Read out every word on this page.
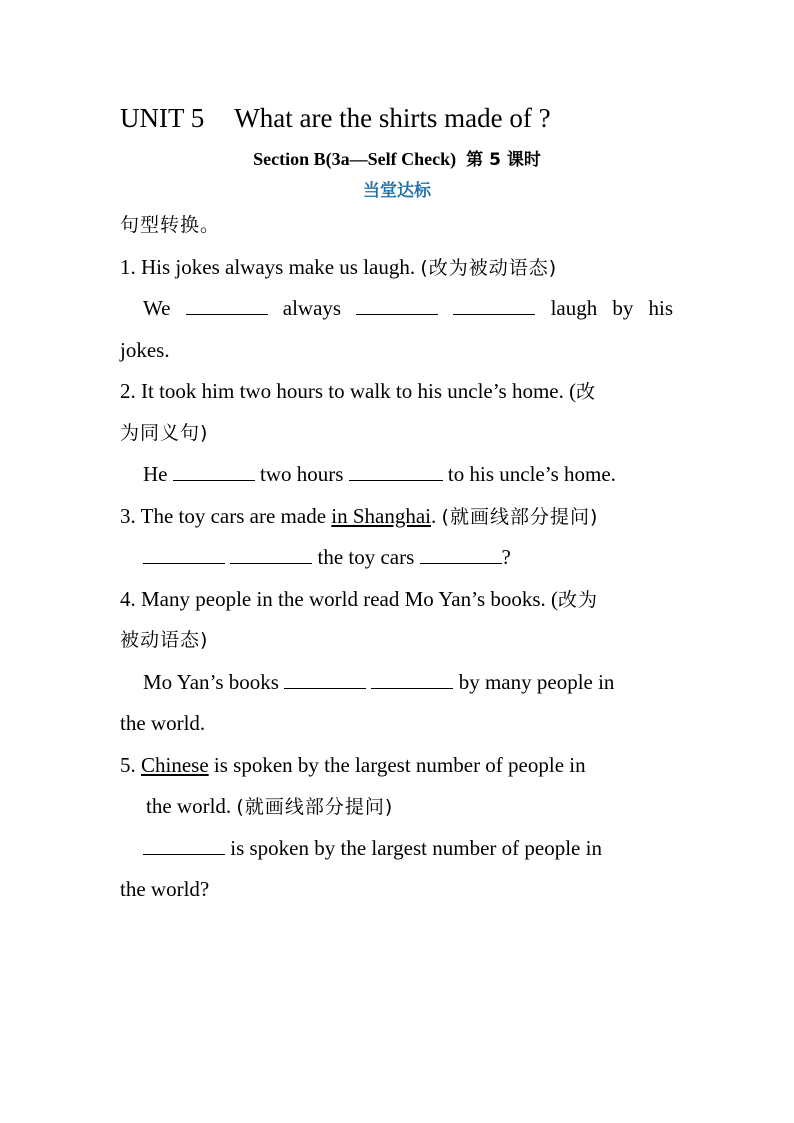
UNIT 5 What are the shirts made of ?
Section B(3a—Self Check) 第 5 课时
当堂达标
句型转换。
1. His jokes always make us laugh. (改为被动语态)
We	always	laugh by his
jokes.
2. It took him two hours to walk to his uncle’s home. (改
为同义句)
He	two hours	to his uncle’s home.
3. The toy cars are made in Shanghai. (就画线部分提问)
the toy cars	?
4. Many people in the world read Mo Yan’s books. (改为
被动语态)
Mo Yan’s books	by many people in
the world.
5. Chinese is spoken by the largest number of people in
the world. (就画线部分提问)
is spoken by the largest number of people in
the world?
